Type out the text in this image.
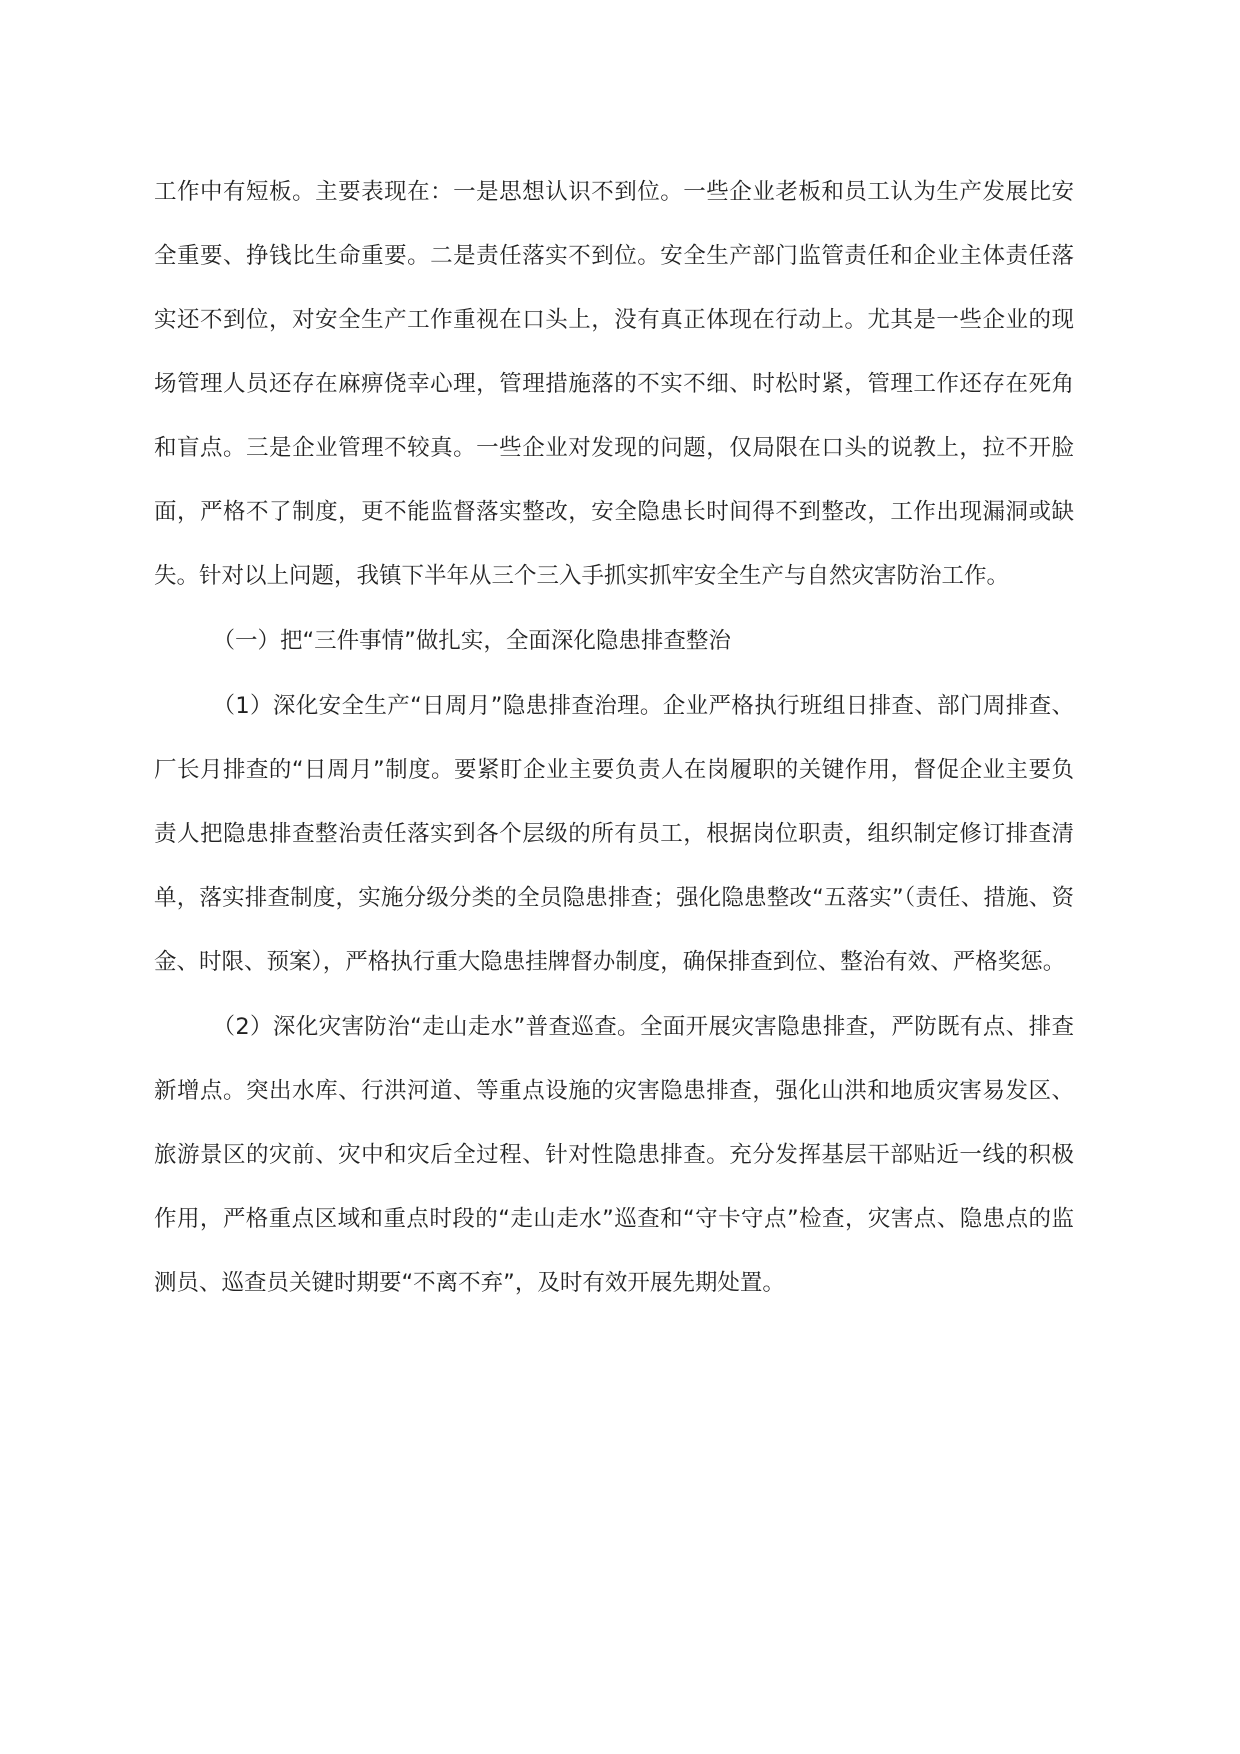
工作中有短板。主要表现在：一是思想认识不到位。一些企业老板和员工认为生产发展比安全重要、挣钱比生命重要。二是责任落实不到位。安全生产部门监管责任和企业主体责任落实还不到位，对安全生产工作重视在口头上，没有真正体现在行动上。尤其是一些企业的现场管理人员还存在麻痹侥幸心理，管理措施落的不实不细、时松时紧，管理工作还存在死角和盲点。三是企业管理不较真。一些企业对发现的问题，仅局限在口头的说教上，拉不开脸面，严格不了制度，更不能监督落实整改，安全隐患长时间得不到整改，工作出现漏洞或缺失。针对以上问题，我镇下半年从三个三入手抓实抓牢安全生产与自然灾害防治工作。

（一）把“三件事情”做扎实，全面深化隐患排查整治

（1）深化安全生产“日周月”隐患排查治理。企业严格执行班组日排查、部门周排查、厂长月排查的“日周月”制度。要紧盯企业主要负责人在岗履职的关键作用，督促企业主要负责人把隐患排查整治责任落实到各个层级的所有员工，根据岗位职责，组织制定修订排查清单，落实排查制度，实施分级分类的全员隐患排查；强化隐患整改“五落实”（责任、措施、资金、时限、预案），严格执行重大隐患挂牌督办制度，确保排查到位、整治有效、严格奖惩。

（2）深化灾害防治“走山走水”普查巡查。全面开展灾害隐患排查，严防既有点、排查新增点。突出水库、行洪河道、等重点设施的灾害隐患排查，强化山洪和地质灾害易发区、旅游景区的灾前、灾中和灾后全过程、针对性隐患排查。充分发挥基层干部贴近一线的积极作用，严格重点区域和重点时段的“走山走水”巡查和“守卡守点”检查，灾害点、隐患点的监测员、巡查员关键时期要“不离不弃”，及时有效开展先期处置。
